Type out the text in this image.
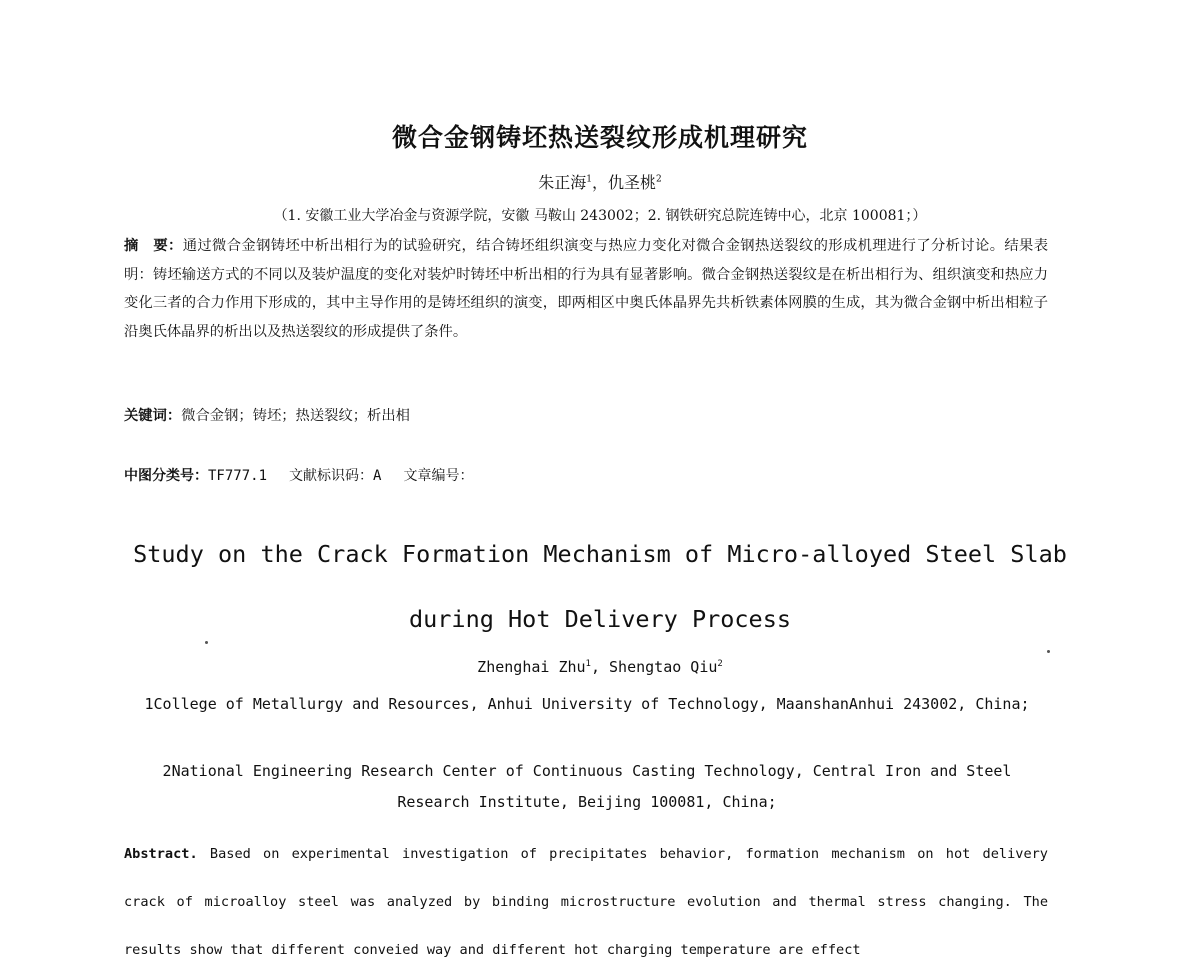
微合金钢铸坯热送裂纹形成机理研究
朱正海$^1$，仇圣桃$^2$
（1. 安徽工业大学冶金与资源学院，安徽 马鞍山 243002；2. 钢铁研究总院连铸中心，北京 100081；）
摘　要：通过微合金钢铸坯中析出相行为的试验研究，结合铸坯组织演变与热应力变化对微合金钢热送裂纹的形成机理进行了分析讨论。结果表明：铸坯输送方式的不同以及装炉温度的变化对装炉时铸坯中析出相的行为具有显著影响。微合金钢热送裂纹是在析出相行为、组织演变和热应力变化三者的合力作用下形成的，其中主导作用的是铸坯组织的演变，即两相区中奥氏体晶界先共析铁素体网膜的生成，其为微合金钢中析出相粒子沿奥氏体晶界的析出以及热送裂纹的形成提供了条件。
关键词：微合金钢；铸坯；热送裂纹；析出相
中图分类号：TF777.1 文献标识码：A 文章编号：
Study on the Crack Formation Mechanism of Micro-alloyed Steel Slab
during Hot Delivery Process
Zhenghai Zhu$^1$, Shengtao Qiu$^2$
1College of Metallurgy and Resources, Anhui University of Technology, MaanshanAnhui 243002, China;
2National Engineering Research Center of Continuous Casting Technology, Central Iron and Steel Research Institute, Beijing 100081, China;
Abstract. Based on experimental investigation of precipitates behavior, formation mechanism on hot delivery crack of microalloy steel was analyzed by binding microstructure evolution and thermal stress changing. The results show that different conveied way and different hot charging temperature are effect
